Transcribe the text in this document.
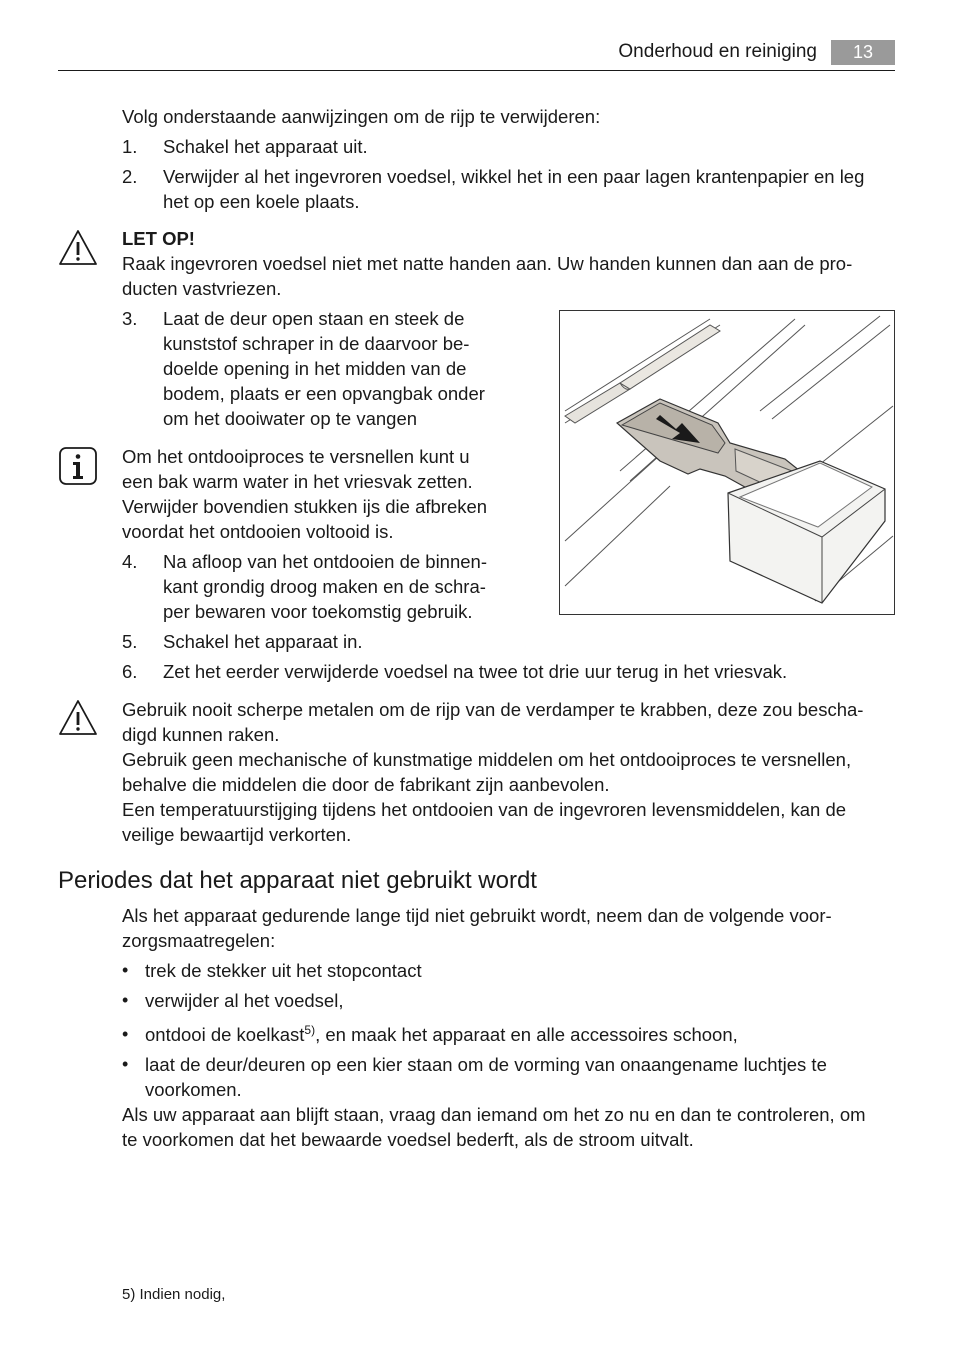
Onderhoud en reiniging	13
Volg onderstaande aanwijzingen om de rijp te verwijderen:
1. Schakel het apparaat uit.
2. Verwijder al het ingevroren voedsel, wikkel het in een paar lagen krantenpapier en leg
het op een koele plaats.
LET OP!
Raak ingevroren voedsel niet met natte handen aan. Uw handen kunnen dan aan de pro-
ducten vastvriezen.
3. Laat de deur open staan en steek de
kunststof schraper in de daarvoor be-
doelde opening in het midden van de
bodem, plaats er een opvangbak onder
om het dooiwater op te vangen
Om het ontdooiproces te versnellen kunt u
een bak warm water in het vriesvak zetten.
Verwijder bovendien stukken ijs die afbreken
voordat het ontdooien voltooid is.
4. Na afloop van het ontdooien de binnen-
kant grondig droog maken en de schra-
per bewaren voor toekomstig gebruik.
5. Schakel het apparaat in.
6. Zet het eerder verwijderde voedsel na twee tot drie uur terug in het vriesvak.
Gebruik nooit scherpe metalen om de rijp van de verdamper te krabben, deze zou bescha-
digd kunnen raken.
Gebruik geen mechanische of kunstmatige middelen om het ontdooiproces te versnellen,
behalve die middelen die door de fabrikant zijn aanbevolen.
Een temperatuurstijging tijdens het ontdooien van de ingevroren levensmiddelen, kan de
veilige bewaartijd verkorten.
Periodes dat het apparaat niet gebruikt wordt
Als het apparaat gedurende lange tijd niet gebruikt wordt, neem dan de volgende voor-
zorgsmaatregelen:
• trek de stekker uit het stopcontact
• verwijder al het voedsel,
• ontdooi de koelkast$^{5)}$, en maak het apparaat en alle accessoires schoon,
• laat de deur/deuren op een kier staan om de vorming van onaangename luchtjes te
voorkomen.
Als uw apparaat aan blijft staan, vraag dan iemand om het zo nu en dan te controleren, om
te voorkomen dat het bewaarde voedsel bederft, als de stroom uitvalt.
5) Indien nodig,
